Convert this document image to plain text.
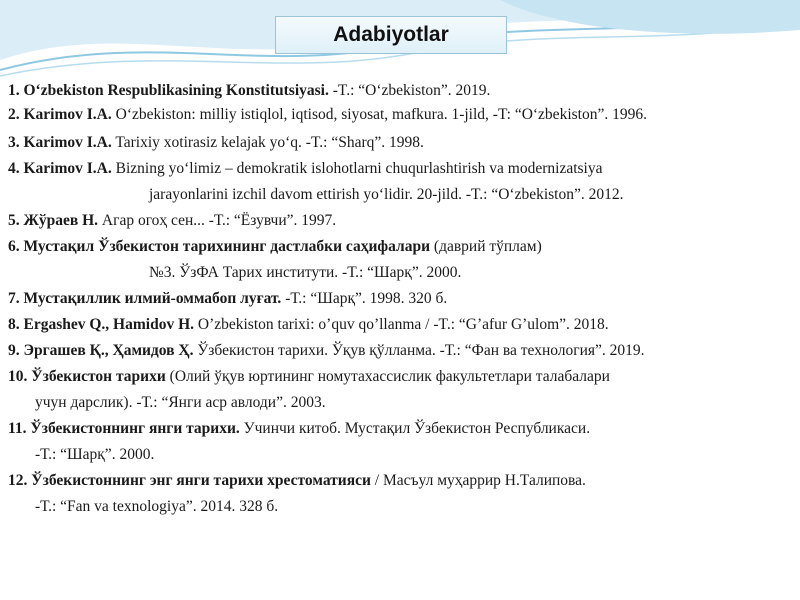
Adabiyotlar
1. O‘zbekiston Respublikasining Konstitutsiyasi. -T.: “O‘zbekiston”. 2019.
2. Karimov I.A. O‘zbekiston: milliy istiqlol, iqtisod, siyosat, mafkura. 1-jild, -T: “O‘zbekiston”. 1996.
3. Karimov I.A. Tarixiy xotirasiz kelajak yo‘q. -T.: “Sharq”. 1998.
4. Karimov I.A. Bizning yo‘limiz – demokratik islohotlarni chuqurlashtirish va modernizatsiya
jarayonlarini izchil davom ettirish yo‘lidir. 20-jild. -T.: “O‘zbekiston”. 2012.
5. Жўраев Н. Агар огоҳ сен... -Т.: “Ёзувчи”. 1997.
6. Мустақил Ўзбекистон тарихининг дастлабки саҳифалари (даврий тўплам)
№3. ЎзФА Тарих институти. -Т.: “Шарқ”. 2000.
7. Мустақиллик илмий-оммабоп луғат. -Т.: “Шарқ”. 1998. 320 б.
8. Ergashev Q., Hamidov H. O’zbekiston tarixi: o’quv qo’llanma / -T.: “G’afur G’ulom”. 2018.
9. Эргашев Қ., Ҳамидов Ҳ. Ўзбекистон тарихи. Ўқув қўлланма. -Т.: “Фан ва технология”. 2019.
10. Ўзбекистон тарихи (Олий ўқув юртининг номутахассислик факультетлари талабалари
учун дарслик). -Т.: “Янги аср авлоди”. 2003.
11. Ўзбекистоннинг янги тарихи. Учинчи китоб. Мустақил Ўзбекистон Республикаси.
-Т.: “Шарқ”. 2000.
12. Ўзбекистоннинг энг янги тарихи хрестоматияси / Масъул муҳаррир Н.Талипова.
-Т.: “Fan va texnologiya”. 2014. 328 б.
